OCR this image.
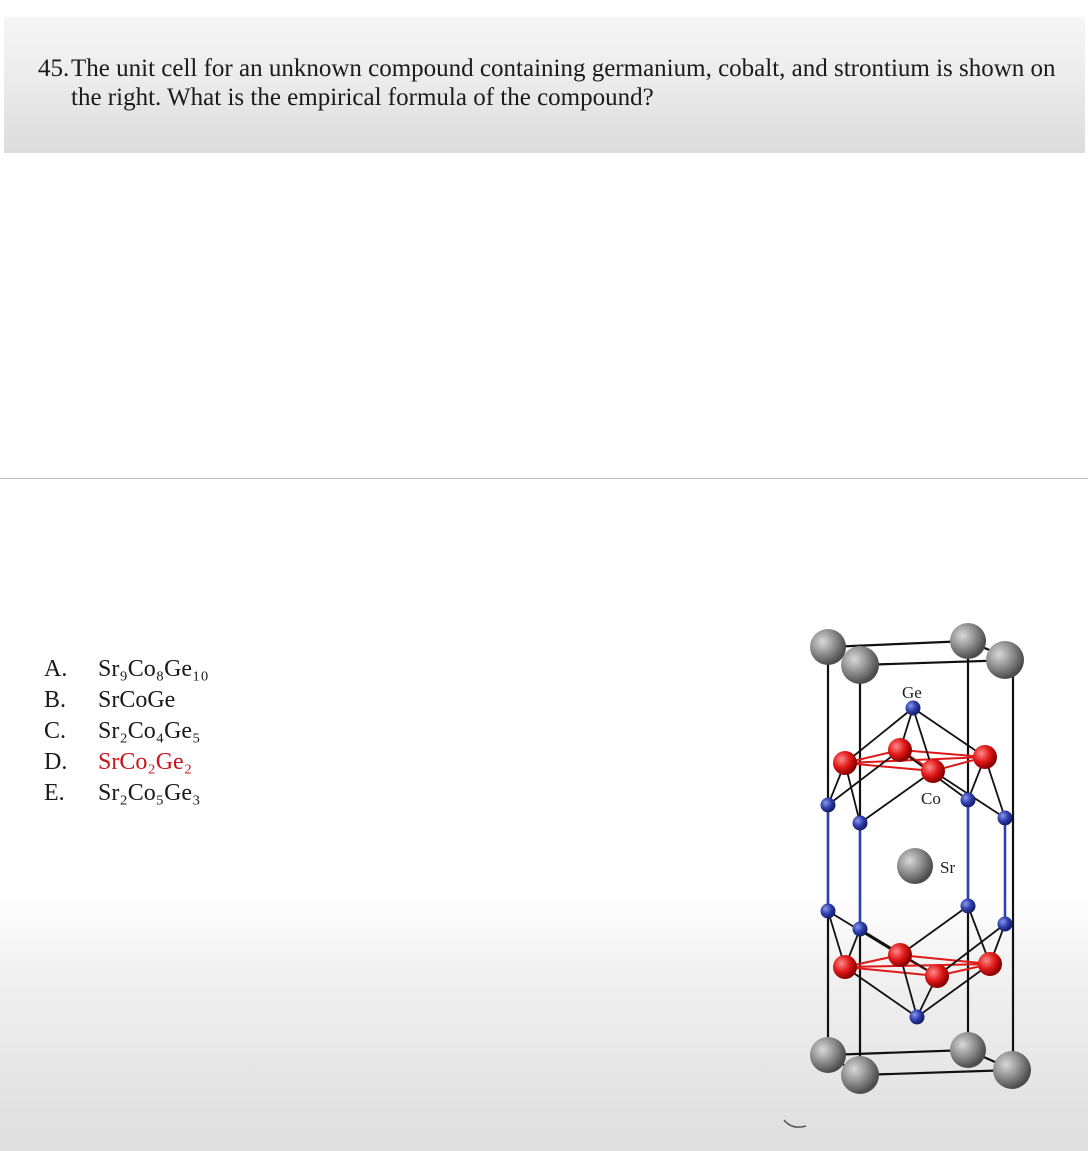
45.The unit cell for an unknown compound containing germanium, cobalt, and strontium is shown on the right. What is the empirical formula of the compound?
A.	Sr₉Co₈Ge₁₀
B.	SrCoGe
C.	Sr₂Co₄Ge₅
D.	SrCo₂Ge₂
E.	Sr₂Co₅Ge₃
Ge
Co
Sr
